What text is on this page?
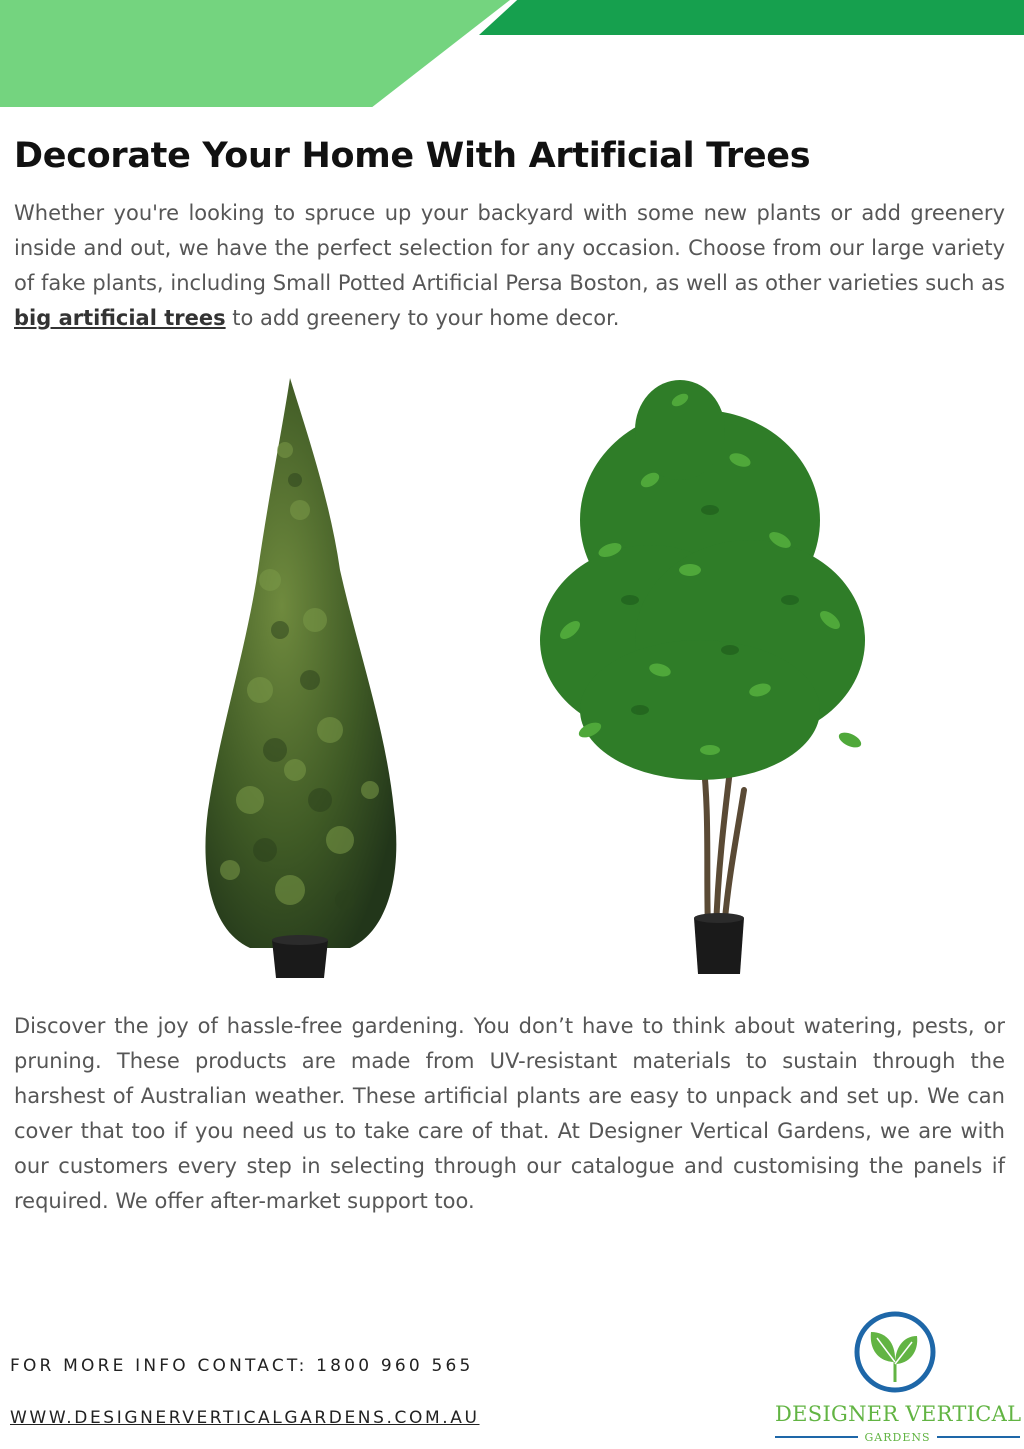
Decorate Your Home With Artificial Trees

Whether you're looking to spruce up your backyard with some new plants or add greenery inside and out, we have the perfect selection for any occasion. Choose from our large variety of fake plants, including Small Potted Artificial Persa Boston, as well as other varieties such as big artificial trees to add greenery to your home decor.

Discover the joy of hassle-free gardening. You don’t have to think about watering, pests, or pruning. These products are made from UV-resistant materials to sustain through the harshest of Australian weather. These artificial plants are easy to unpack and set up. We can cover that too if you need us to take care of that. At Designer Vertical Gardens, we are with our customers every step in selecting through our catalogue and customising the panels if required. We offer after-market support too.

FOR MORE INFO CONTACT: 1800 960 565

WWW.DESIGNERVERTICALGARDENS.COM.AU	DESIGNER VERTICAL
GARDENS
